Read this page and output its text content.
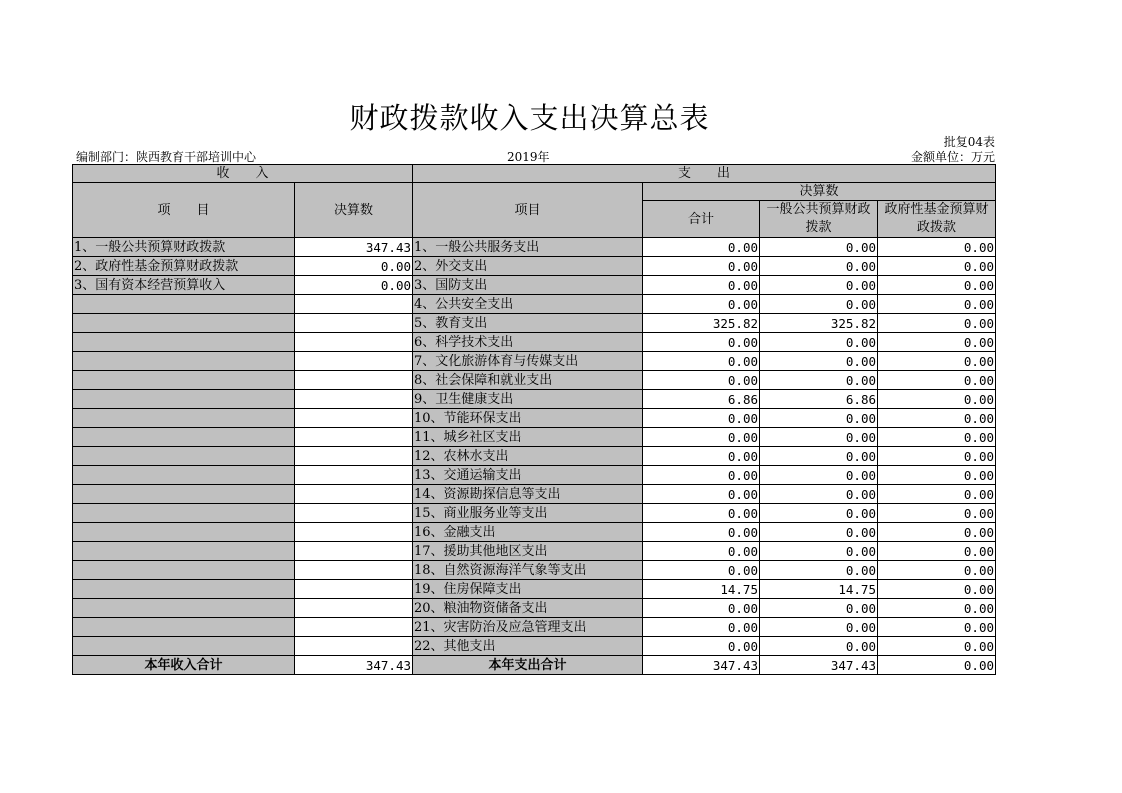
财政拨款收入支出决算总表
批复04表
编制部门：陕西教育干部培训中心	2019年	金额单位：万元
收　　入		支　　出			
项　　目	决算数	项目	决算数		
			合计	一般公共预算财政拨款	政府性基金预算财政拨款

1、一般公共预算财政拨款	347.43	1、一般公共服务支出	0.00	0.00	0.00
2、政府性基金预算财政拨款	0.00	2、外交支出	0.00	0.00	0.00
3、国有资本经营预算收入	0.00	3、国防支出	0.00	0.00	0.00
		4、公共安全支出	0.00	0.00	0.00
		5、教育支出	325.82	325.82	0.00
		6、科学技术支出	0.00	0.00	0.00
		7、文化旅游体育与传媒支出	0.00	0.00	0.00
		8、社会保障和就业支出	0.00	0.00	0.00
		9、卫生健康支出	6.86	6.86	0.00
		10、节能环保支出	0.00	0.00	0.00
		11、城乡社区支出	0.00	0.00	0.00
		12、农林水支出	0.00	0.00	0.00
		13、交通运输支出	0.00	0.00	0.00
		14、资源勘探信息等支出	0.00	0.00	0.00
		15、商业服务业等支出	0.00	0.00	0.00
		16、金融支出	0.00	0.00	0.00
		17、援助其他地区支出	0.00	0.00	0.00
		18、自然资源海洋气象等支出	0.00	0.00	0.00
		19、住房保障支出	14.75	14.75	0.00
		20、粮油物资储备支出	0.00	0.00	0.00
		21、灾害防治及应急管理支出	0.00	0.00	0.00
		22、其他支出	0.00	0.00	0.00
本年收入合计	347.43	本年支出合计	347.43	347.43	0.00
